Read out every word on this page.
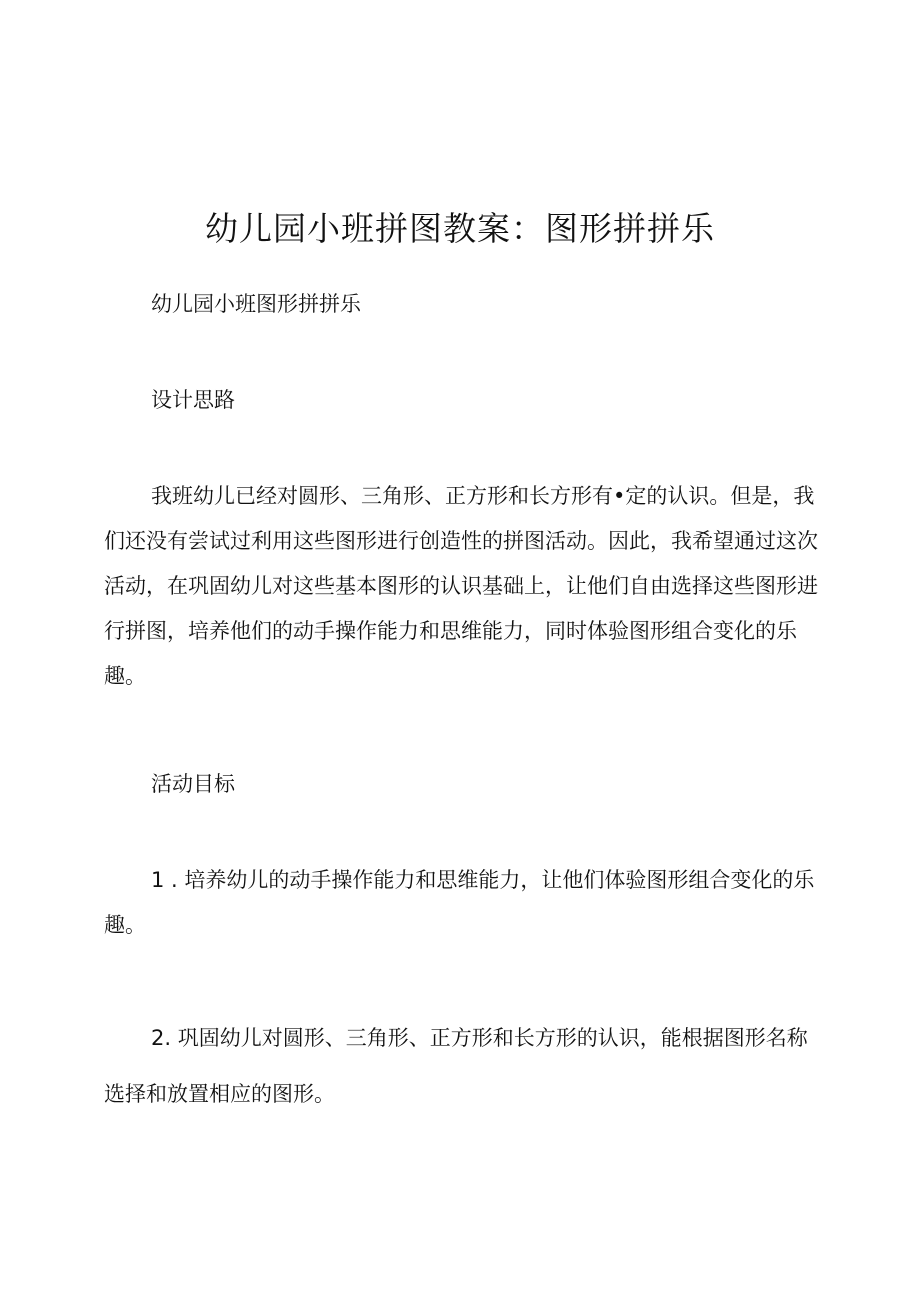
幼儿园小班拼图教案：图形拼拼乐

幼儿园小班图形拼拼乐

设计思路

我班幼儿已经对圆形、三角形、正方形和长方形有•定的认识。但是，我们还没有尝试过利用这些图形进行创造性的拼图活动。因此，我希望通过这次活动，在巩固幼儿对这些基本图形的认识基础上，让他们自由选择这些图形进行拼图，培养他们的动手操作能力和思维能力，同时体验图形组合变化的乐趣。

活动目标

1 . 培养幼儿的动手操作能力和思维能力，让他们体验图形组合变化的乐趣。

2. 巩固幼儿对圆形、三角形、正方形和长方形的认识，能根据图形名称选择和放置相应的图形。
